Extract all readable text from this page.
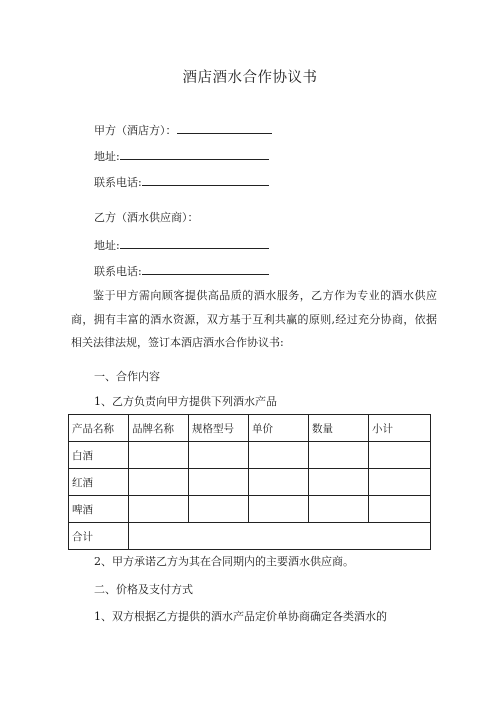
酒店酒水合作协议书
甲方（酒店方）：
地址:
联系电话:
乙方（酒水供应商）：
地址:
联系电话:
鉴于甲方需向顾客提供高品质的酒水服务，乙方作为专业的酒水供应商，拥有丰富的酒水资源，双方基于互利共赢的原则,经过充分协商，依据相关法律法规，签订本酒店酒水合作协议书:
一、合作内容
1、乙方负责向甲方提供下列酒水产品
产品名称	品牌名称	规格型号	单价	数量	小计
白酒					
红酒					
啤酒					
合计					
2、甲方承诺乙方为其在合同期内的主要酒水供应商。
二、价格及支付方式
1、双方根据乙方提供的酒水产品定价单协商确定各类酒水的
